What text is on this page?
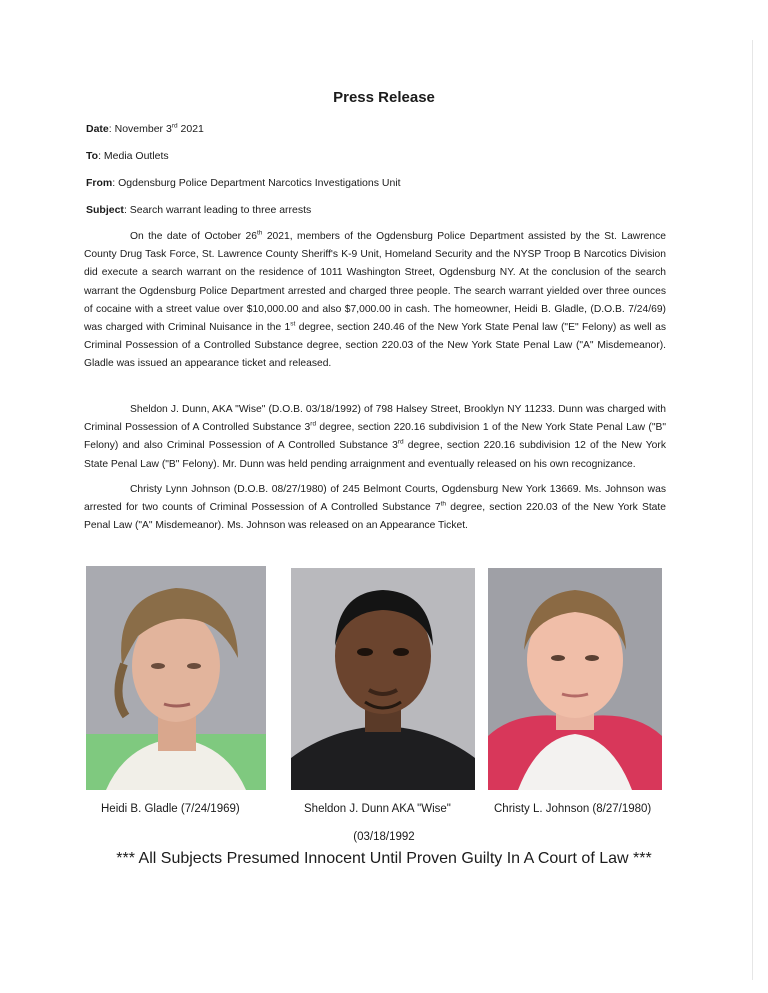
Press Release
Date: November 3rd 2021
To: Media Outlets
From: Ogdensburg Police Department Narcotics Investigations Unit
Subject: Search warrant leading to three arrests
On the date of October 26th 2021, members of the Ogdensburg Police Department assisted by the St. Lawrence County Drug Task Force, St. Lawrence County Sheriff's K-9 Unit, Homeland Security and the NYSP Troop B Narcotics Division did execute a search warrant on the residence of 1011 Washington Street, Ogdensburg NY. At the conclusion of the search warrant the Ogdensburg Police Department arrested and charged three people. The search warrant yielded over three ounces of cocaine with a street value over $10,000.00 and also $7,000.00 in cash. The homeowner, Heidi B. Gladle, (D.O.B. 7/24/69) was charged with Criminal Nuisance in the 1st degree, section 240.46 of the New York State Penal law ("E" Felony) as well as Criminal Possession of a Controlled Substance degree, section 220.03 of the New York State Penal Law ("A" Misdemeanor). Gladle was issued an appearance ticket and released.
Sheldon J. Dunn, AKA "Wise" (D.O.B. 03/18/1992) of 798 Halsey Street, Brooklyn NY 11233. Dunn was charged with Criminal Possession of A Controlled Substance 3rd degree, section 220.16 subdivision 1 of the New York State Penal Law ("B" Felony) and also Criminal Possession of A Controlled Substance 3rd degree, section 220.16 subdivision 12 of the New York State Penal Law ("B" Felony). Mr. Dunn was held pending arraignment and eventually released on his own recognizance.
Christy Lynn Johnson (D.O.B. 08/27/1980) of 245 Belmont Courts, Ogdensburg New York 13669. Ms. Johnson was arrested for two counts of Criminal Possession of A Controlled Substance 7th degree, section 220.03 of the New York State Penal Law ("A" Misdemeanor). Ms. Johnson was released on an Appearance Ticket.
Heidi B. Gladle (7/24/1969)	Sheldon J. Dunn AKA "Wise"	Christy L. Johnson (8/27/1980)
(03/18/1992
*** All Subjects Presumed Innocent Until Proven Guilty In A Court of Law ***
